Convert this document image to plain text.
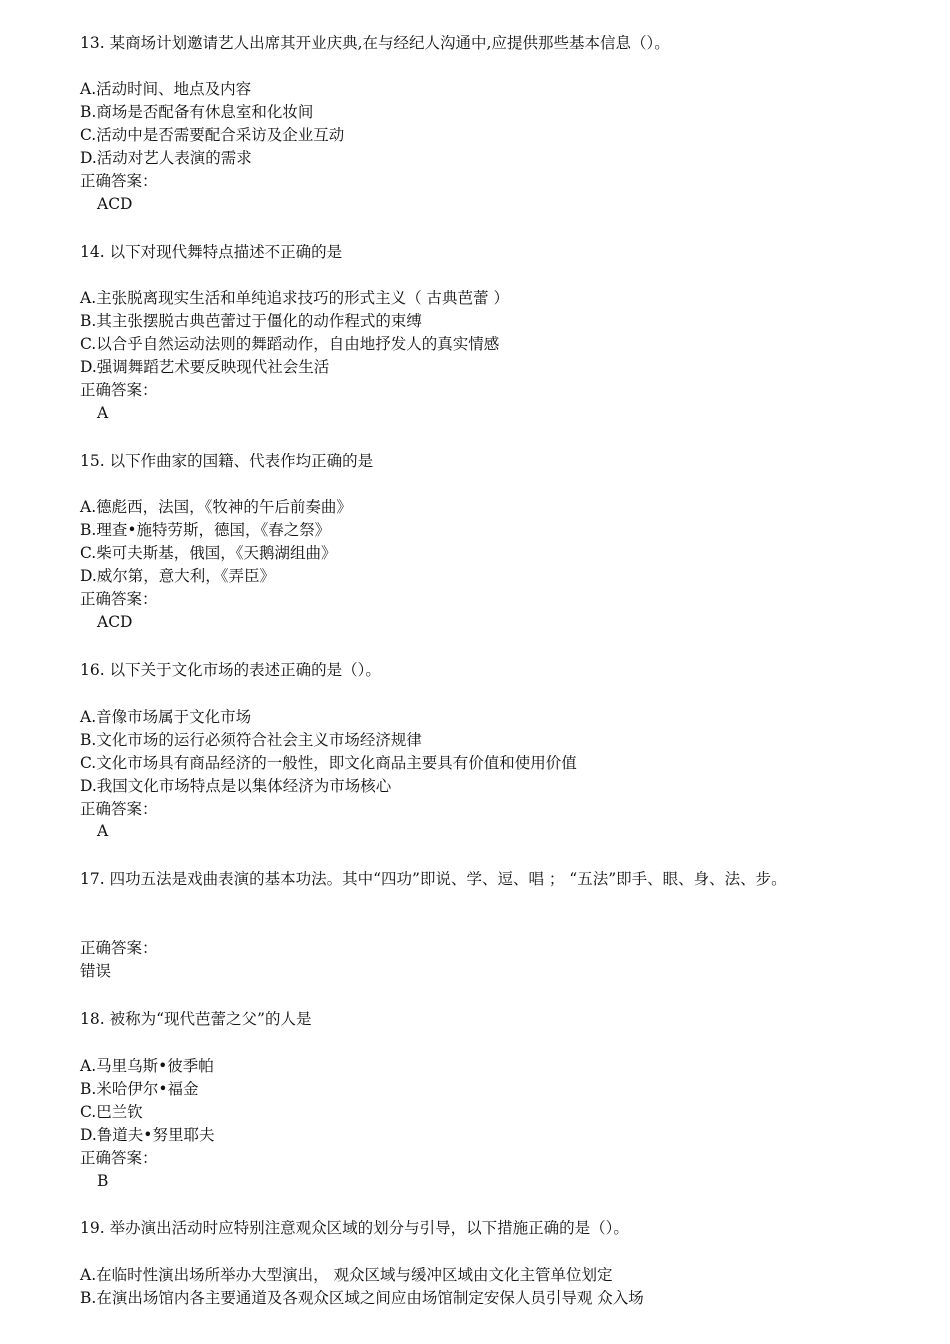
13. 某商场计划邀请艺人出席其开业庆典,在与经纪人沟通中,应提供那些基本信息（）。
A.活动时间、地点及内容
B.商场是否配备有休息室和化妆间
C.活动中是否需要配合采访及企业互动
D.活动对艺人表演的需求
正确答案：
ACD
14. 以下对现代舞特点描述不正确的是
A.主张脱离现实生活和单纯追求技巧的形式主义（ 古典芭蕾 ）
B.其主张摆脱古典芭蕾过于僵化的动作程式的束缚
C.以合乎自然运动法则的舞蹈动作，自由地抒发人的真实情感
D.强调舞蹈艺术要反映现代社会生活
正确答案：
A
15. 以下作曲家的国籍、代表作均正确的是
A.德彪西，法国，《牧神的午后前奏曲》
B.理查•施特劳斯，德国，《春之祭》
C.柴可夫斯基，俄国，《天鹅湖组曲》
D.威尔第，意大利，《弄臣》
正确答案：
ACD
16. 以下关于文化市场的表述正确的是（）。
A.音像市场属于文化市场
B.文化市场的运行必须符合社会主义市场经济规律
C.文化市场具有商品经济的一般性，即文化商品主要具有价值和使用价值
D.我国文化市场特点是以集体经济为市场核心
正确答案：
A
17. 四功五法是戏曲表演的基本功法。其中“四功”即说、学、逗、唱 ； “五法”即手、眼、身、法、步。
正确答案：
错误
18. 被称为“现代芭蕾之父”的人是
A.马里乌斯•彼季帕
B.米哈伊尔•福金
C.巴兰钦
D.鲁道夫•努里耶夫
正确答案：
B
19. 举办演出活动时应特别注意观众区域的划分与引导，以下措施正确的是（）。
A.在临时性演出场所举办大型演出， 观众区域与缓冲区域由文化主管单位划定
B.在演出场馆内各主要通道及各观众区域之间应由场馆制定安保人员引导观 众入场
